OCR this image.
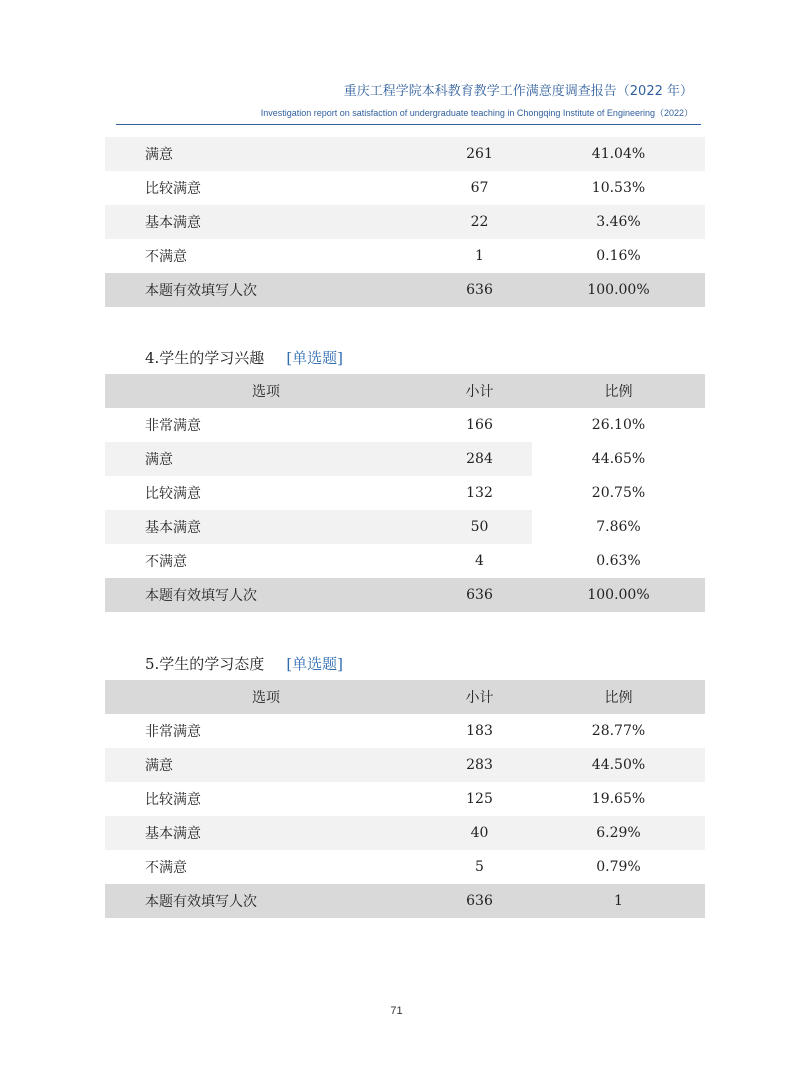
重庆工程学院本科教育教学工作满意度调查报告（2022 年）
Investigation report on satisfaction of undergraduate teaching in Chongqing Institute of Engineering（2022）
满意	261	41.04%
比较满意	67	10.53%
基本满意	22	3.46%
不满意	1	0.16%
本题有效填写人次	636	100.00%
4.学生的学习兴趣 [单选题]
选项	小计	比例
非常满意	166	26.10%
满意	284	44.65%
比较满意	132	20.75%
基本满意	50	7.86%
不满意	4	0.63%
本题有效填写人次	636	100.00%
5.学生的学习态度 [单选题]
选项	小计	比例
非常满意	183	28.77%
满意	283	44.50%
比较满意	125	19.65%
基本满意	40	6.29%
不满意	5	0.79%
本题有效填写人次	636	1
71
